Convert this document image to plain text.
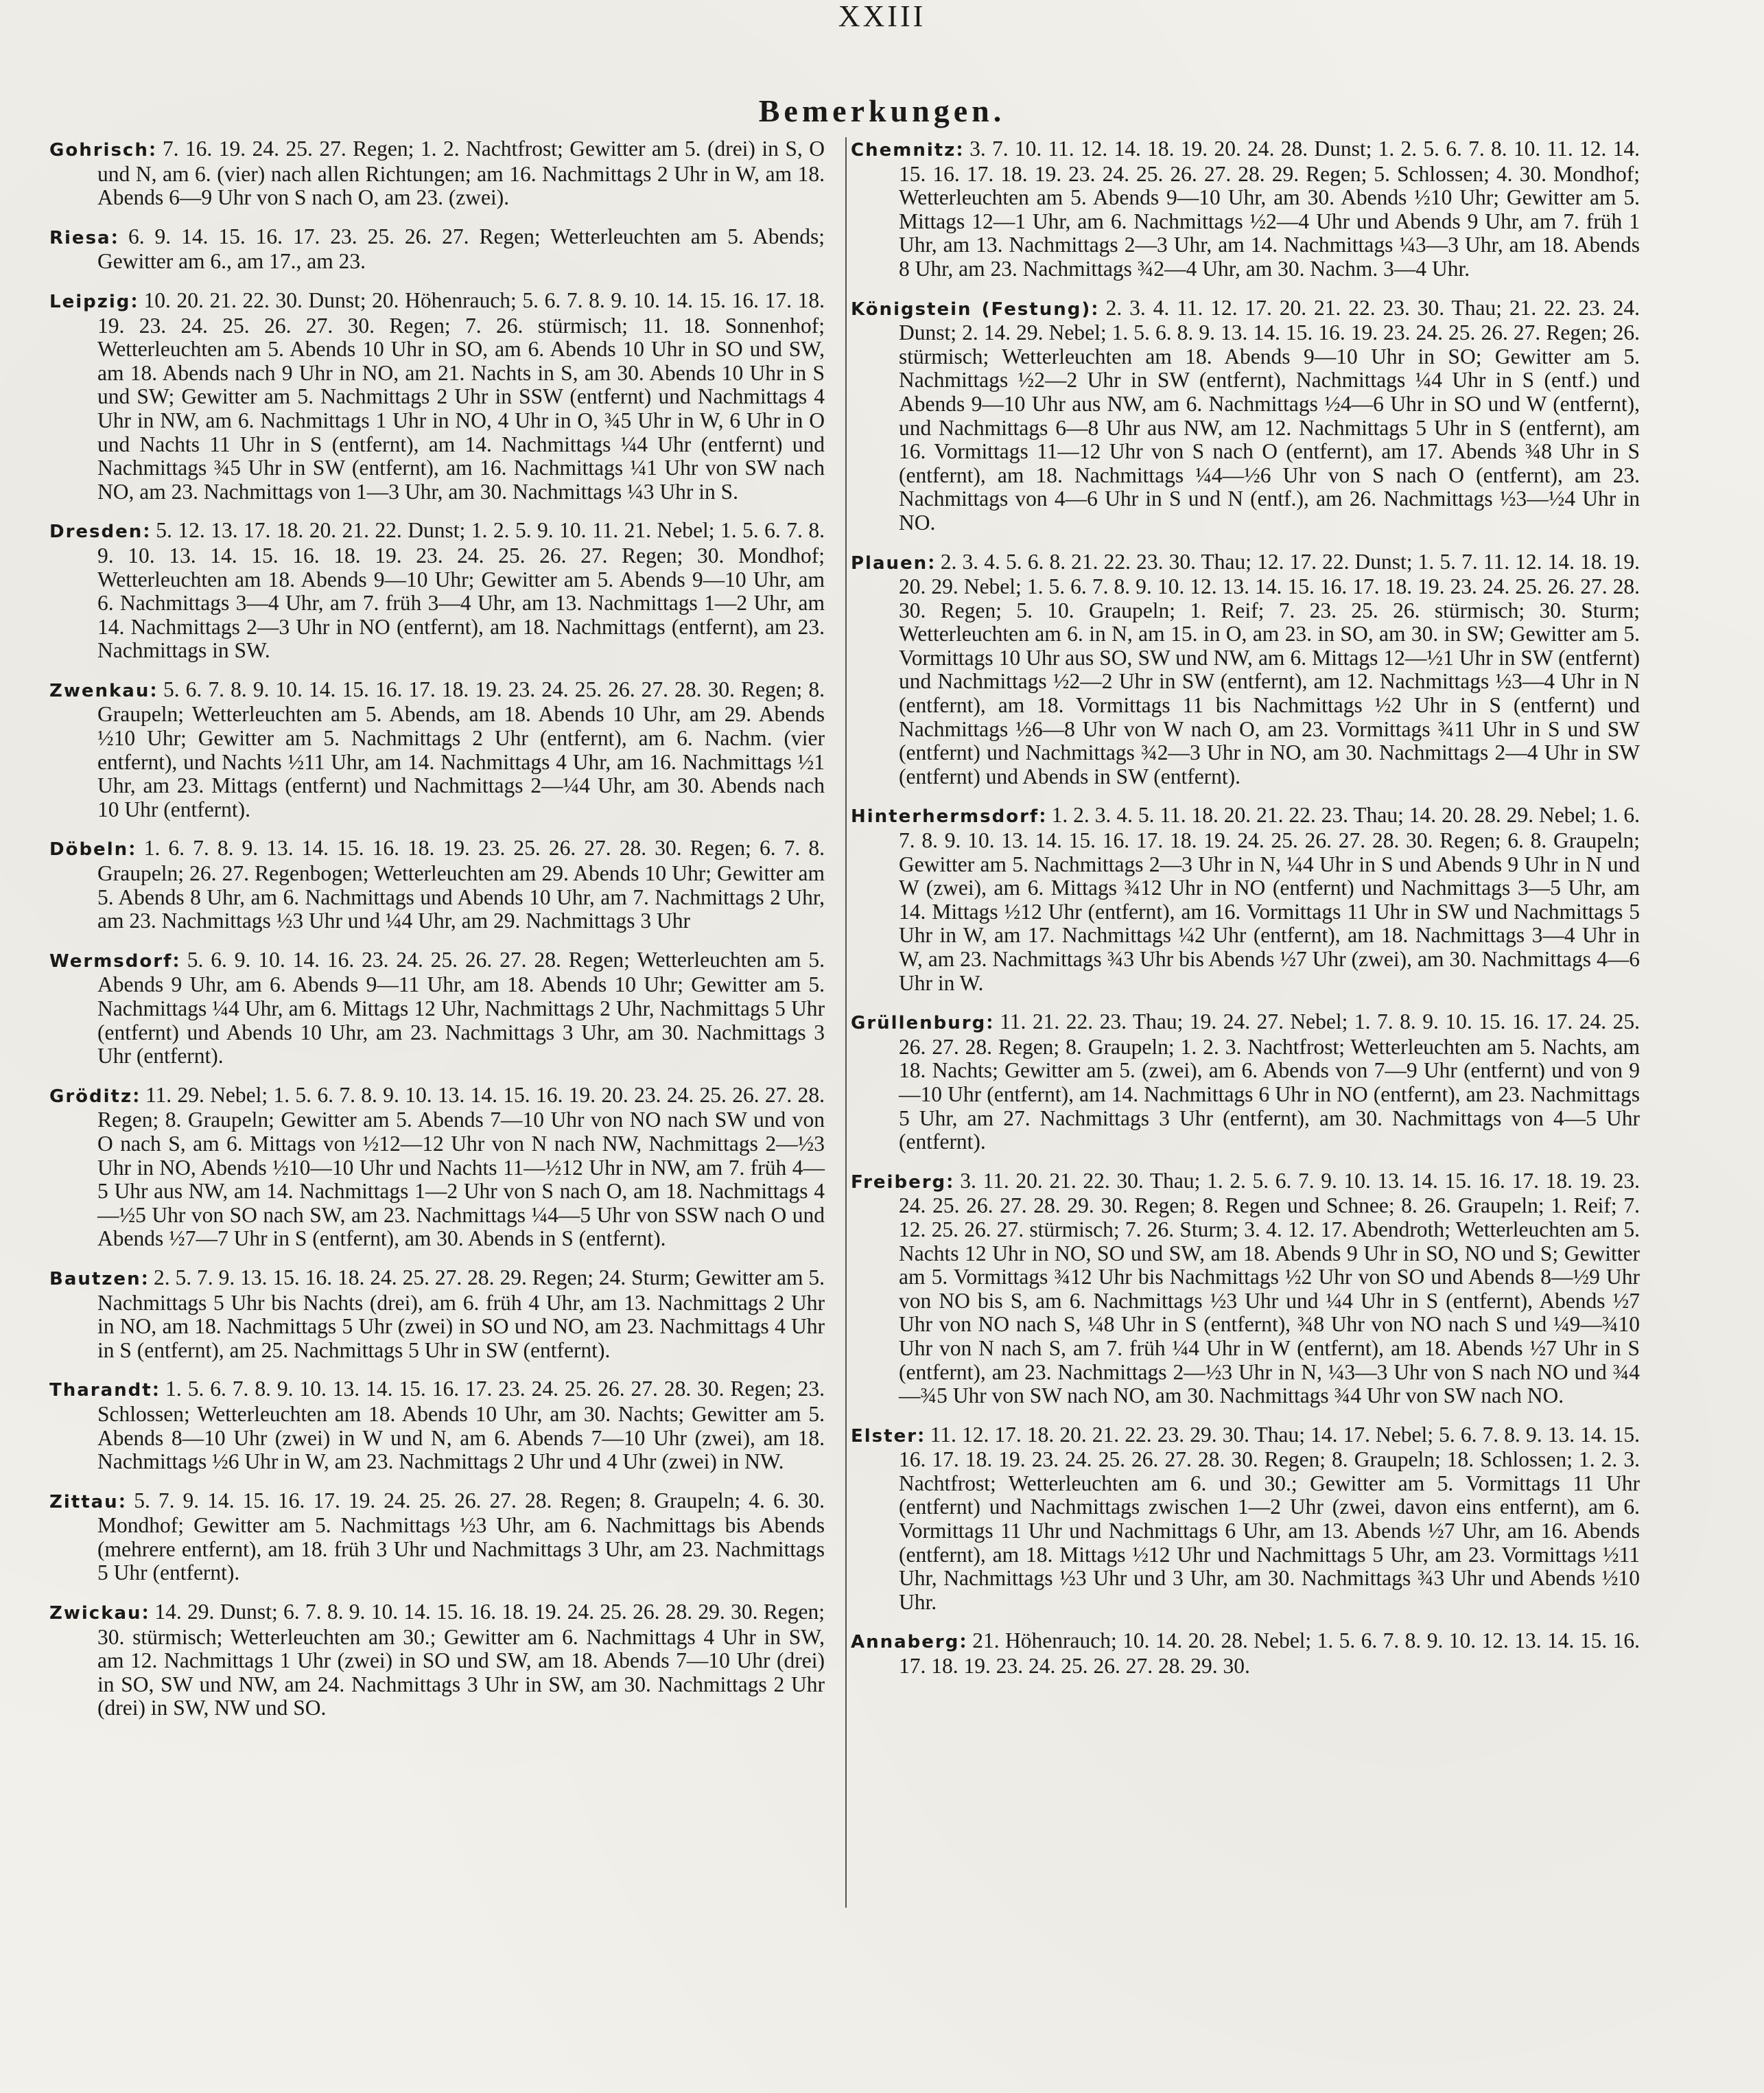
XXIII
Bemerkungen.

Gohrisch: 7. 16. 19. 24. 25. 27. Regen; 1. 2. Nachtfrost; Gewitter am 5. (drei) in S, O und N, am 6. (vier) nach allen Richtungen; am 16. Nachmittags 2 Uhr in W, am 18. Abends 6—9 Uhr von S nach O, am 23. (zwei).

Riesa: 6. 9. 14. 15. 16. 17. 23. 25. 26. 27. Regen; Wetterleuchten am 5. Abends; Gewitter am 6., am 17., am 23.

Leipzig: 10. 20. 21. 22. 30. Dunst; 20. Höhenrauch; 5. 6. 7. 8. 9. 10. 14. 15. 16. 17. 18. 19. 23. 24. 25. 26. 27. 30. Regen; 7. 26. stürmisch; 11. 18. Sonnenhof; Wetterleuchten am 5. Abends 10 Uhr in SO, am 6. Abends 10 Uhr in SO und SW, am 18. Abends nach 9 Uhr in NO, am 21. Nachts in S, am 30. Abends 10 Uhr in S und SW; Gewitter am 5. Nachmittags 2 Uhr in SSW (entfernt) und Nachmittags 4 Uhr in NW, am 6. Nachmittags 1 Uhr in NO, 4 Uhr in O, ¾5 Uhr in W, 6 Uhr in O und Nachts 11 Uhr in S (entfernt), am 14. Nachmittags ¼4 Uhr (entfernt) und Nachmittags ¾5 Uhr in SW (entfernt), am 16. Nachmittags ¼1 Uhr von SW nach NO, am 23. Nachmittags von 1—3 Uhr, am 30. Nachmittags ¼3 Uhr in S.

Dresden: 5. 12. 13. 17. 18. 20. 21. 22. Dunst; 1. 2. 5. 9. 10. 11. 21. Nebel; 1. 5. 6. 7. 8. 9. 10. 13. 14. 15. 16. 18. 19. 23. 24. 25. 26. 27. Regen; 30. Mondhof; Wetterleuchten am 18. Abends 9—10 Uhr; Gewitter am 5. Abends 9—10 Uhr, am 6. Nachmittags 3—4 Uhr, am 7. früh 3—4 Uhr, am 13. Nachmittags 1—2 Uhr, am 14. Nachmittags 2—3 Uhr in NO (entfernt), am 18. Nachmittags (entfernt), am 23. Nachmittags in SW.

Zwenkau: 5. 6. 7. 8. 9. 10. 14. 15. 16. 17. 18. 19. 23. 24. 25. 26. 27. 28. 30. Regen; 8. Graupeln; Wetterleuchten am 5. Abends, am 18. Abends 10 Uhr, am 29. Abends ½10 Uhr; Gewitter am 5. Nachmittags 2 Uhr (entfernt), am 6. Nachm. (vier entfernt), und Nachts ½11 Uhr, am 14. Nachmittags 4 Uhr, am 16. Nachmittags ½1 Uhr, am 23. Mittags (entfernt) und Nachmittags 2—¼4 Uhr, am 30. Abends nach 10 Uhr (entfernt).

Döbeln: 1. 6. 7. 8. 9. 13. 14. 15. 16. 18. 19. 23. 25. 26. 27. 28. 30. Regen; 6. 7. 8. Graupeln; 26. 27. Regenbogen; Wetterleuchten am 29. Abends 10 Uhr; Gewitter am 5. Abends 8 Uhr, am 6. Nachmittags und Abends 10 Uhr, am 7. Nachmittags 2 Uhr, am 23. Nachmittags ½3 Uhr und ¼4 Uhr, am 29. Nachmittags 3 Uhr

Wermsdorf: 5. 6. 9. 10. 14. 16. 23. 24. 25. 26. 27. 28. Regen; Wetterleuchten am 5. Abends 9 Uhr, am 6. Abends 9—11 Uhr, am 18. Abends 10 Uhr; Gewitter am 5. Nachmittags ¼4 Uhr, am 6. Mittags 12 Uhr, Nachmittags 2 Uhr, Nachmittags 5 Uhr (entfernt) und Abends 10 Uhr, am 23. Nachmittags 3 Uhr, am 30. Nachmittags 3 Uhr (entfernt).

Gröditz: 11. 29. Nebel; 1. 5. 6. 7. 8. 9. 10. 13. 14. 15. 16. 19. 20. 23. 24. 25. 26. 27. 28. Regen; 8. Graupeln; Gewitter am 5. Abends 7—10 Uhr von NO nach SW und von O nach S, am 6. Mittags von ½12—12 Uhr von N nach NW, Nachmittags 2—½3 Uhr in NO, Abends ½10—10 Uhr und Nachts 11—½12 Uhr in NW, am 7. früh 4—5 Uhr aus NW, am 14. Nachmittags 1—2 Uhr von S nach O, am 18. Nachmittags 4—½5 Uhr von SO nach SW, am 23. Nachmittags ¼4—5 Uhr von SSW nach O und Abends ½7—7 Uhr in S (entfernt), am 30. Abends in S (entfernt).

Bautzen: 2. 5. 7. 9. 13. 15. 16. 18. 24. 25. 27. 28. 29. Regen; 24. Sturm; Gewitter am 5. Nachmittags 5 Uhr bis Nachts (drei), am 6. früh 4 Uhr, am 13. Nachmittags 2 Uhr in NO, am 18. Nachmittags 5 Uhr (zwei) in SO und NO, am 23. Nachmittags 4 Uhr in S (entfernt), am 25. Nachmittags 5 Uhr in SW (entfernt).

Tharandt: 1. 5. 6. 7. 8. 9. 10. 13. 14. 15. 16. 17. 23. 24. 25. 26. 27. 28. 30. Regen; 23. Schlossen; Wetterleuchten am 18. Abends 10 Uhr, am 30. Nachts; Gewitter am 5. Abends 8—10 Uhr (zwei) in W und N, am 6. Abends 7—10 Uhr (zwei), am 18. Nachmittags ½6 Uhr in W, am 23. Nachmittags 2 Uhr und 4 Uhr (zwei) in NW.

Zittau: 5. 7. 9. 14. 15. 16. 17. 19. 24. 25. 26. 27. 28. Regen; 8. Graupeln; 4. 6. 30. Mondhof; Gewitter am 5. Nachmittags ½3 Uhr, am 6. Nachmittags bis Abends (mehrere entfernt), am 18. früh 3 Uhr und Nachmittags 3 Uhr, am 23. Nachmittags 5 Uhr (entfernt).

Zwickau: 14. 29. Dunst; 6. 7. 8. 9. 10. 14. 15. 16. 18. 19. 24. 25. 26. 28. 29. 30. Regen; 30. stürmisch; Wetterleuchten am 30.; Gewitter am 6. Nachmittags 4 Uhr in SW, am 12. Nachmittags 1 Uhr (zwei) in SO und SW, am 18. Abends 7—10 Uhr (drei) in SO, SW und NW, am 24. Nachmittags 3 Uhr in SW, am 30. Nachmittags 2 Uhr (drei) in SW, NW und SO.

Chemnitz: 3. 7. 10. 11. 12. 14. 18. 19. 20. 24. 28. Dunst; 1. 2. 5. 6. 7. 8. 10. 11. 12. 14. 15. 16. 17. 18. 19. 23. 24. 25. 26. 27. 28. 29. Regen; 5. Schlossen; 4. 30. Mondhof; Wetterleuchten am 5. Abends 9—10 Uhr, am 30. Abends ½10 Uhr; Gewitter am 5. Mittags 12—1 Uhr, am 6. Nachmittags ½2—4 Uhr und Abends 9 Uhr, am 7. früh 1 Uhr, am 13. Nachmittags 2—3 Uhr, am 14. Nachmittags ¼3—3 Uhr, am 18. Abends 8 Uhr, am 23. Nachmittags ¾2—4 Uhr, am 30. Nachm. 3—4 Uhr.

Königstein (Festung): 2. 3. 4. 11. 12. 17. 20. 21. 22. 23. 30. Thau; 21. 22. 23. 24. Dunst; 2. 14. 29. Nebel; 1. 5. 6. 8. 9. 13. 14. 15. 16. 19. 23. 24. 25. 26. 27. Regen; 26. stürmisch; Wetterleuchten am 18. Abends 9—10 Uhr in SO; Gewitter am 5. Nachmittags ½2—2 Uhr in SW (entfernt), Nachmittags ¼4 Uhr in S (entf.) und Abends 9—10 Uhr aus NW, am 6. Nachmittags ½4—6 Uhr in SO und W (entfernt), und Nachmittags 6—8 Uhr aus NW, am 12. Nachmittags 5 Uhr in S (entfernt), am 16. Vormittags 11—12 Uhr von S nach O (entfernt), am 17. Abends ¾8 Uhr in S (entfernt), am 18. Nachmittags ¼4—½6 Uhr von S nach O (entfernt), am 23. Nachmittags von 4—6 Uhr in S und N (entf.), am 26. Nachmittags ½3—½4 Uhr in NO.

Plauen: 2. 3. 4. 5. 6. 8. 21. 22. 23. 30. Thau; 12. 17. 22. Dunst; 1. 5. 7. 11. 12. 14. 18. 19. 20. 29. Nebel; 1. 5. 6. 7. 8. 9. 10. 12. 13. 14. 15. 16. 17. 18. 19. 23. 24. 25. 26. 27. 28. 30. Regen; 5. 10. Graupeln; 1. Reif; 7. 23. 25. 26. stürmisch; 30. Sturm; Wetterleuchten am 6. in N, am 15. in O, am 23. in SO, am 30. in SW; Gewitter am 5. Vormittags 10 Uhr aus SO, SW und NW, am 6. Mittags 12—½1 Uhr in SW (entfernt) und Nachmittags ½2—2 Uhr in SW (entfernt), am 12. Nachmittags ½3—4 Uhr in N (entfernt), am 18. Vormittags 11 bis Nachmittags ½2 Uhr in S (entfernt) und Nachmittags ½6—8 Uhr von W nach O, am 23. Vormittags ¾11 Uhr in S und SW (entfernt) und Nachmittags ¾2—3 Uhr in NO, am 30. Nachmittags 2—4 Uhr in SW (entfernt) und Abends in SW (entfernt).

Hinterhermsdorf: 1. 2. 3. 4. 5. 11. 18. 20. 21. 22. 23. Thau; 14. 20. 28. 29. Nebel; 1. 6. 7. 8. 9. 10. 13. 14. 15. 16. 17. 18. 19. 24. 25. 26. 27. 28. 30. Regen; 6. 8. Graupeln; Gewitter am 5. Nachmittags 2—3 Uhr in N, ¼4 Uhr in S und Abends 9 Uhr in N und W (zwei), am 6. Mittags ¾12 Uhr in NO (entfernt) und Nachmittags 3—5 Uhr, am 14. Mittags ½12 Uhr (entfernt), am 16. Vormittags 11 Uhr in SW und Nachmittags 5 Uhr in W, am 17. Nachmittags ¼2 Uhr (entfernt), am 18. Nachmittags 3—4 Uhr in W, am 23. Nachmittags ¾3 Uhr bis Abends ½7 Uhr (zwei), am 30. Nachmittags 4—6 Uhr in W.

Grüllenburg: 11. 21. 22. 23. Thau; 19. 24. 27. Nebel; 1. 7. 8. 9. 10. 15. 16. 17. 24. 25. 26. 27. 28. Regen; 8. Graupeln; 1. 2. 3. Nachtfrost; Wetterleuchten am 5. Nachts, am 18. Nachts; Gewitter am 5. (zwei), am 6. Abends von 7—9 Uhr (entfernt) und von 9—10 Uhr (entfernt), am 14. Nachmittags 6 Uhr in NO (entfernt), am 23. Nachmittags 5 Uhr, am 27. Nachmittags 3 Uhr (entfernt), am 30. Nachmittags von 4—5 Uhr (entfernt).

Freiberg: 3. 11. 20. 21. 22. 30. Thau; 1. 2. 5. 6. 7. 9. 10. 13. 14. 15. 16. 17. 18. 19. 23. 24. 25. 26. 27. 28. 29. 30. Regen; 8. Regen und Schnee; 8. 26. Graupeln; 1. Reif; 7. 12. 25. 26. 27. stürmisch; 7. 26. Sturm; 3. 4. 12. 17. Abendroth; Wetterleuchten am 5. Nachts 12 Uhr in NO, SO und SW, am 18. Abends 9 Uhr in SO, NO und S; Gewitter am 5. Vormittags ¾12 Uhr bis Nachmittags ½2 Uhr von SO und Abends 8—½9 Uhr von NO bis S, am 6. Nachmittags ½3 Uhr und ¼4 Uhr in S (entfernt), Abends ½7 Uhr von NO nach S, ¼8 Uhr in S (entfernt), ¾8 Uhr von NO nach S und ¼9—¾10 Uhr von N nach S, am 7. früh ¼4 Uhr in W (entfernt), am 18. Abends ½7 Uhr in S (entfernt), am 23. Nachmittags 2—½3 Uhr in N, ¼3—3 Uhr von S nach NO und ¾4—¾5 Uhr von SW nach NO, am 30. Nachmittags ¾4 Uhr von SW nach NO.

Elster: 11. 12. 17. 18. 20. 21. 22. 23. 29. 30. Thau; 14. 17. Nebel; 5. 6. 7. 8. 9. 13. 14. 15. 16. 17. 18. 19. 23. 24. 25. 26. 27. 28. 30. Regen; 8. Graupeln; 18. Schlossen; 1. 2. 3. Nachtfrost; Wetterleuchten am 6. und 30.; Gewitter am 5. Vormittags 11 Uhr (entfernt) und Nachmittags zwischen 1—2 Uhr (zwei, davon eins entfernt), am 6. Vormittags 11 Uhr und Nachmittags 6 Uhr, am 13. Abends ½7 Uhr, am 16. Abends (entfernt), am 18. Mittags ½12 Uhr und Nachmittags 5 Uhr, am 23. Vormittags ½11 Uhr, Nachmittags ½3 Uhr und 3 Uhr, am 30. Nachmittags ¾3 Uhr und Abends ½10 Uhr.

Annaberg: 21. Höhenrauch; 10. 14. 20. 28. Nebel; 1. 5. 6. 7. 8. 9. 10. 12. 13. 14. 15. 16. 17. 18. 19. 23. 24. 25. 26. 27. 28. 29. 30.
